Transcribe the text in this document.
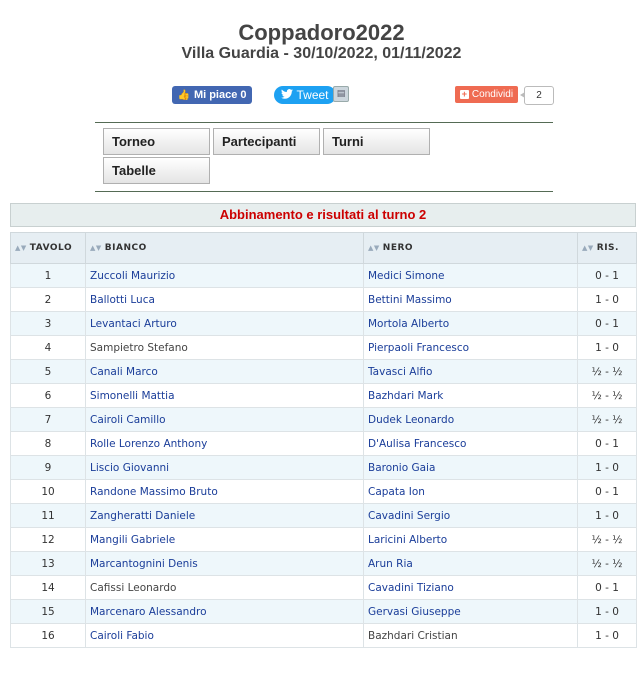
Coppadoro2022
Villa Guardia - 30/10/2022, 01/11/2022
👍 Mi piace 0	Tweet ▤	+ Condividi	2
Torneo	Partecipanti	Turni
Tabelle
Abbinamento e risultati al turno 2
▲▼ TAVOLO	▲▼ BIANCO	▲▼ NERO	▲▼ RIS.
1	Zuccoli Maurizio	Medici Simone	0 - 1
2	Ballotti Luca	Bettini Massimo	1 - 0
3	Levantaci Arturo	Mortola Alberto	0 - 1
4	Sampietro Stefano	Pierpaoli Francesco	1 - 0
5	Canali Marco	Tavasci Alfio	½ - ½
6	Simonelli Mattia	Bazhdari Mark	½ - ½
7	Cairoli Camillo	Dudek Leonardo	½ - ½
8	Rolle Lorenzo Anthony	D'Aulisa Francesco	0 - 1
9	Liscio Giovanni	Baronio Gaia	1 - 0
10	Randone Massimo Bruto	Capata Ion	0 - 1
11	Zangheratti Daniele	Cavadini Sergio	1 - 0
12	Mangili Gabriele	Laricini Alberto	½ - ½
13	Marcantognini Denis	Arun Ria	½ - ½
14	Cafissi Leonardo	Cavadini Tiziano	0 - 1
15	Marcenaro Alessandro	Gervasi Giuseppe	1 - 0
16	Cairoli Fabio	Bazhdari Cristian	1 - 0
